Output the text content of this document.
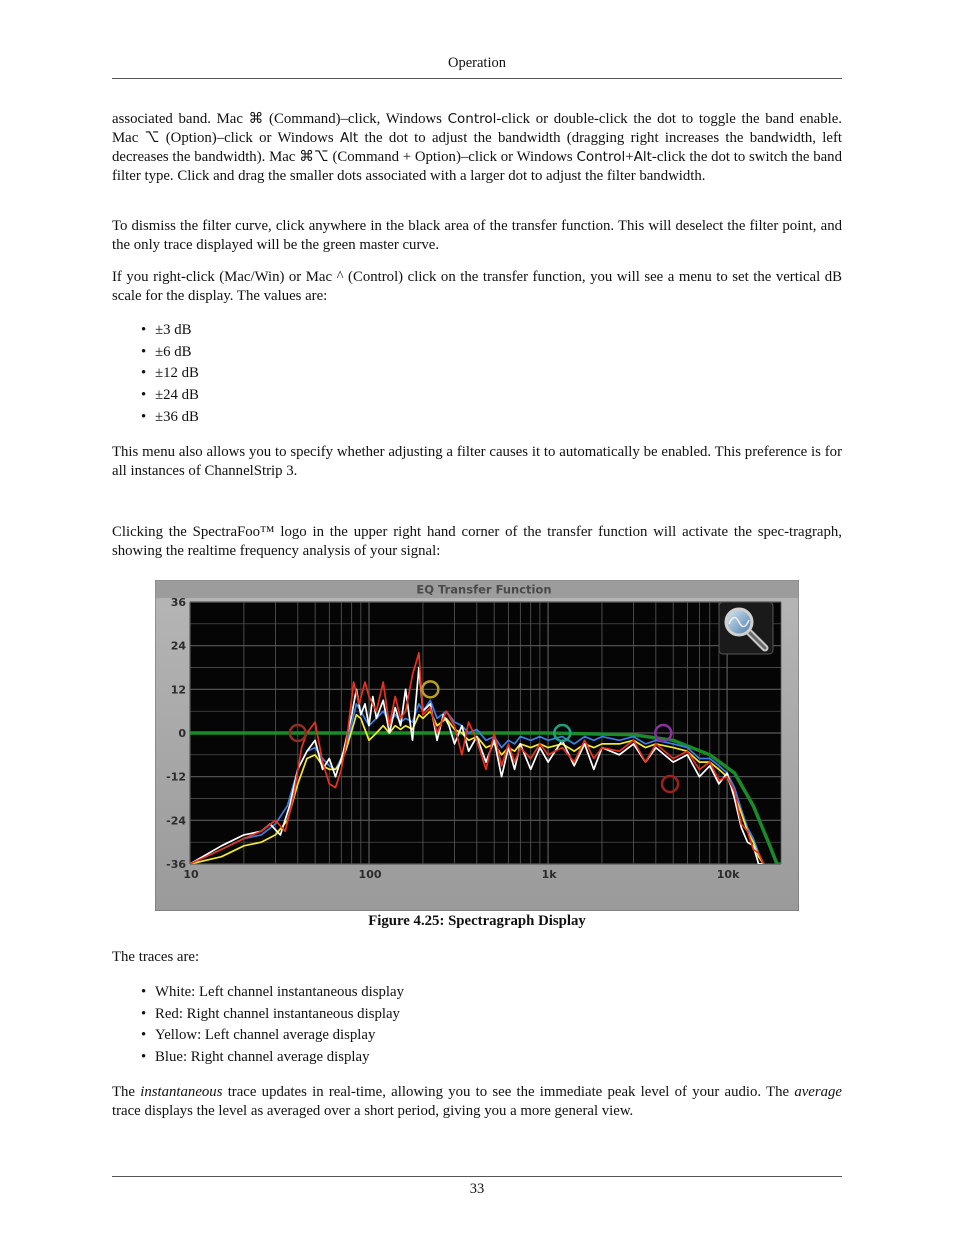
Operation

associated band. Mac ⌘ (Command)–click, Windows Control-click or double-click the dot to toggle the band enable. Mac ⌥ (Option)–click or Windows Alt the dot to adjust the bandwidth (dragging right increases the bandwidth, left decreases the bandwidth). Mac ⌘⌥ (Command + Option)–click or Windows Control+Alt-click the dot to switch the band filter type. Click and drag the smaller dots associated with a larger dot to adjust the filter bandwidth.

To dismiss the filter curve, click anywhere in the black area of the transfer function. This will deselect the filter point, and the only trace displayed will be the green master curve.

If you right-click (Mac/Win) or Mac ^ (Control) click on the transfer function, you will see a menu to set the vertical dB scale for the display. The values are:

• ±3 dB
• ±6 dB
• ±12 dB
• ±24 dB
• ±36 dB

This menu also allows you to specify whether adjusting a filter causes it to automatically be enabled. This preference is for all instances of ChannelStrip 3.

Clicking the SpectraFoo™ logo in the upper right hand corner of the transfer function will activate the spec-tragraph, showing the realtime frequency analysis of your signal:

EQ Transfer Function
36
24
12
0
-12
-24
-36
10	100	1k	10k
Figure 4.25: Spectragraph Display

The traces are:

• White: Left channel instantaneous display
• Red: Right channel instantaneous display
• Yellow: Left channel average display
• Blue: Right channel average display

The instantaneous trace updates in real-time, allowing you to see the immediate peak level of your audio. The average trace displays the level as averaged over a short period, giving you a more general view.

33
